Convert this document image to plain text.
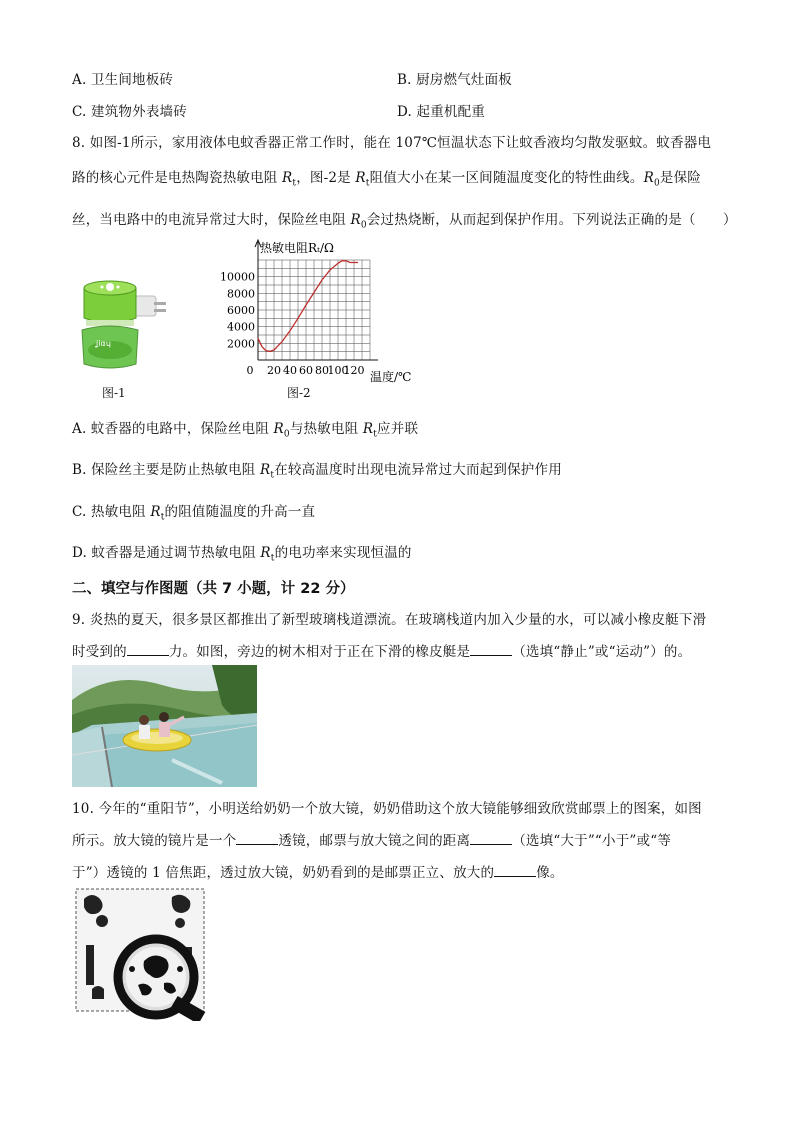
A. 卫生间地板砖	B. 厨房燃气灶面板
C. 建筑物外表墙砖	D. 起重机配重
8. 如图-1所示，家用液体电蚊香器正常工作时，能在 107℃恒温状态下让蚊香液均匀散发驱蚊。蚊香器电
路的核心元件是电热陶瓷热敏电阻 $R_t$，图-2是 $R_t$阻值大小在某一区间随温度变化的特性曲线。$R_0$是保险
丝，当电路中的电流异常过大时，保险丝电阻 $R_0$会过热烧断，从而起到保护作用。下列说法正确的是（　　）
ʝiαɥ
图-1
2000
4000
6000
8000
10000
0 20 40 60 80
100
120
热敏电阻Rₜ/Ω
温度/℃
图-2
A. 蚊香器的电路中，保险丝电阻 $R_0$与热敏电阻 $R_t$应并联
B. 保险丝主要是防止热敏电阻 $R_t$在较高温度时出现电流异常过大而起到保护作用
C. 热敏电阻 $R_t$的阻值随温度的升高一直
D. 蚊香器是通过调节热敏电阻 $R_t$的电功率来实现恒温的
二、填空与作图题（共 7 小题，计 22 分）
9. 炎热的夏天，很多景区都推出了新型玻璃栈道漂流。在玻璃栈道内加入少量的水，可以减小橡皮艇下滑
时受到的	力。如图，旁边的树木相对于正在下滑的橡皮艇是	（选填“静止”或“运动”）的。
10. 今年的“重阳节”，小明送给奶奶一个放大镜，奶奶借助这个放大镜能够细致欣赏邮票上的图案，如图
所示。放大镜的镜片是一个	透镜，邮票与放大镜之间的距离	（选填“大于”“小于”或“等
于”）透镜的 1 倍焦距，透过放大镜，奶奶看到的是邮票正立、放大的	像。
